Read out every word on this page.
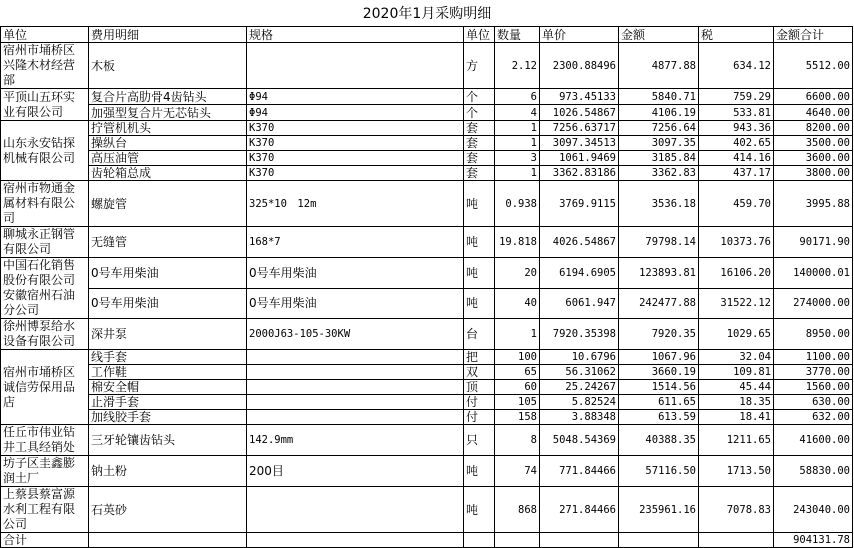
2020年1月采购明细
单位	费用明细	规格	单位	数量	单价	金额	税	金额合计
宿州市埇桥区兴隆木材经营部	木板		方	2.12	2300.88496	4877.88	634.12	5512.00
平顶山五环实业有限公司	复合片高肋骨4齿钻头	Φ94	个	6	973.45133	5840.71	759.29	6600.00
	加强型复合片无芯钻头	Φ94	个	4	1026.54867	4106.19	533.81	4640.00
山东永安钻探机械有限公司	拧管机机头	K370	套	1	7256.63717	7256.64	943.36	8200.00
	操纵台	K370	套	1	3097.34513	3097.35	402.65	3500.00
	高压油管	K370	套	3	1061.9469	3185.84	414.16	3600.00
	齿轮箱总成	K370	套	1	3362.83186	3362.83	437.17	3800.00
宿州市物通金属材料有限公司	螺旋管	325*10　12m	吨	0.938	3769.9115	3536.18	459.70	3995.88
聊城永正钢管有限公司	无缝管	168*7	吨	19.818	4026.54867	79798.14	10373.76	90171.90
中国石化销售股份有限公司安徽宿州石油分公司	0号车用柴油	0号车用柴油	吨	20	6194.6905	123893.81	16106.20	140000.01
	0号车用柴油	0号车用柴油	吨	40	6061.947	242477.88	31522.12	274000.00
徐州博泵给水设备有限公司	深井泵	2000J63-105-30KW	台	1	7920.35398	7920.35	1029.65	8950.00
宿州市埇桥区诚信劳保用品店	线手套		把	100	10.6796	1067.96	32.04	1100.00
	工作鞋		双	65	56.31062	3660.19	109.81	3770.00
	棉安全帽		顶	60	25.24267	1514.56	45.44	1560.00
	止滑手套		付	105	5.82524	611.65	18.35	630.00
	加线胶手套		付	158	3.88348	613.59	18.41	632.00
任丘市伟业钻井工具经销处	三牙轮镶齿钻头	142.9mm	只	8	5048.54369	40388.35	1211.65	41600.00
坊子区圭鑫膨润土厂	钠土粉	200目	吨	74	771.84466	57116.50	1713.50	58830.00
上蔡县蔡富源水利工程有限公司	石英砂		吨	868	271.84466	235961.16	7078.83	243040.00
合计								904131.78
